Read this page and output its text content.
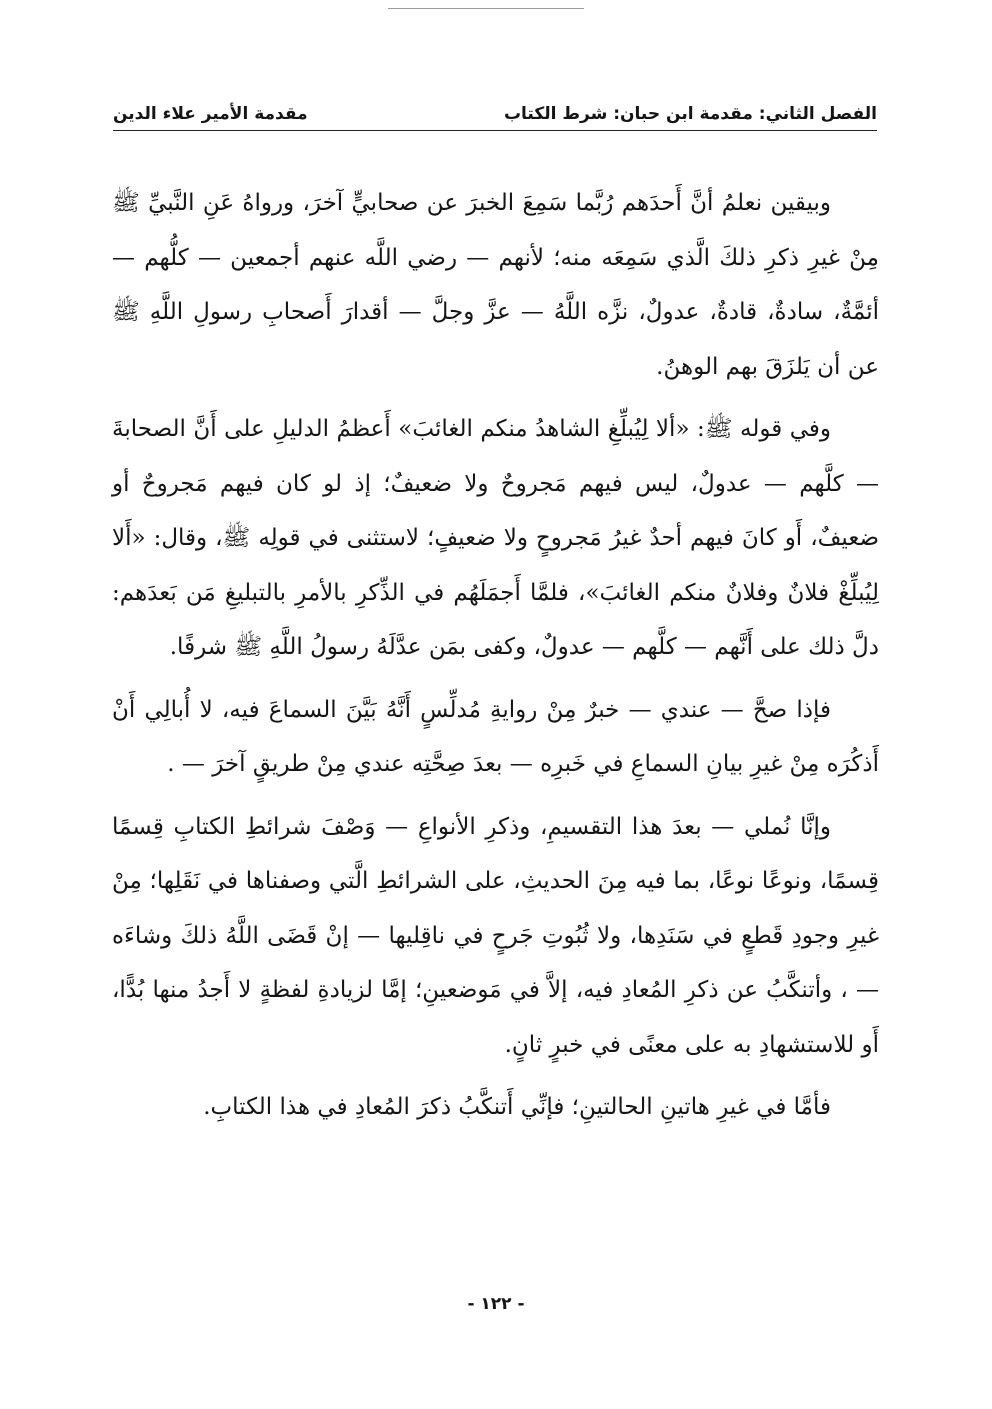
الفصل الثاني: مقدمة ابن حبان: شرط الكتاب
مقدمة الأمير علاء الدين

وبيقين نعلمُ أنَّ أَحدَهم رُبَّما سَمِعَ الخبرَ عن صحابيٍّ آخرَ، ورواهُ عَنِ النَّبيِّ ﷺ مِنْ غيرِ ذكرِ ذلكَ الَّذي سَمِعَه منه؛ لأنهم — رضي اللَّه عنهم أجمعين — كلُّهم — أئمَّةٌ، سادةٌ، قادةٌ، عدولٌ، نزَّه اللَّهُ — عزَّ وجلَّ — أقدارَ أَصحابِ رسولِ اللَّهِ ﷺ عن أن يَلزَقَ بهم الوهنُ.

وفي قوله ﷺ: «ألا لِيُبلِّغِ الشاهدُ منكم الغائبَ» أَعظمُ الدليلِ على أَنَّ الصحابةَ — كلَّهم — عدولٌ، ليس فيهم مَجروحٌ ولا ضعيفٌ؛ إذ لو كان فيهم مَجروحٌ أو ضعيفٌ، أَو كانَ فيهم أحدٌ غيرُ مَجروحٍ ولا ضعيفٍ؛ لاستثنى في قولِه ﷺ، وقال: «أَلا لِيُبلِّغْ فلانٌ وفلانٌ منكم الغائبَ»، فلمَّا أَجمَلَهُم في الذِّكرِ بالأمرِ بالتبليغِ مَن بَعدَهم: دلَّ ذلك على أَنَّهم — كلَّهم — عدولٌ، وكفى بمَن عدَّلَهُ رسولُ اللَّهِ ﷺ شرفًا.

فإذا صحَّ — عندي — خبرٌ مِنْ روايةِ مُدلِّسٍ أَنَّهُ بَيَّنَ السماعَ فيه، لا أُبالِي أَنْ أَذكُرَه مِنْ غيرِ بيانِ السماعِ في خَبرِه — بعدَ صِحَّتِه عندي مِنْ طريقٍ آخرَ — .

وإنَّا نُملي — بعدَ هذا التقسيمِ، وذكرِ الأنواعِ — وَصْفَ شرائطِ الكتابِ قِسمًا قِسمًا، ونوعًا نوعًا، بما فيه مِنَ الحديثِ، على الشرائطِ الَّتي وصفناها في نَقَلِها؛ مِنْ غيرِ وجودِ قَطعٍ في سَنَدِها، ولا ثُبُوتِ جَرحٍ في ناقِليها — إنْ قَضَى اللَّهُ ذلكَ وشاءَه — ، وأتنكَّبُ عن ذكرِ المُعادِ فيه، إلاَّ في مَوضعينِ؛ إمَّا لزيادةِ لفظةٍ لا أَجدُ منها بُدًّا، أَو للاستشهادِ به على معنًى في خبرٍ ثانٍ.

فأمَّا في غيرِ هاتينِ الحالتينِ؛ فإنِّي أَتنكَّبُ ذكرَ المُعادِ في هذا الكتابِ.

- ١٢٢ -
